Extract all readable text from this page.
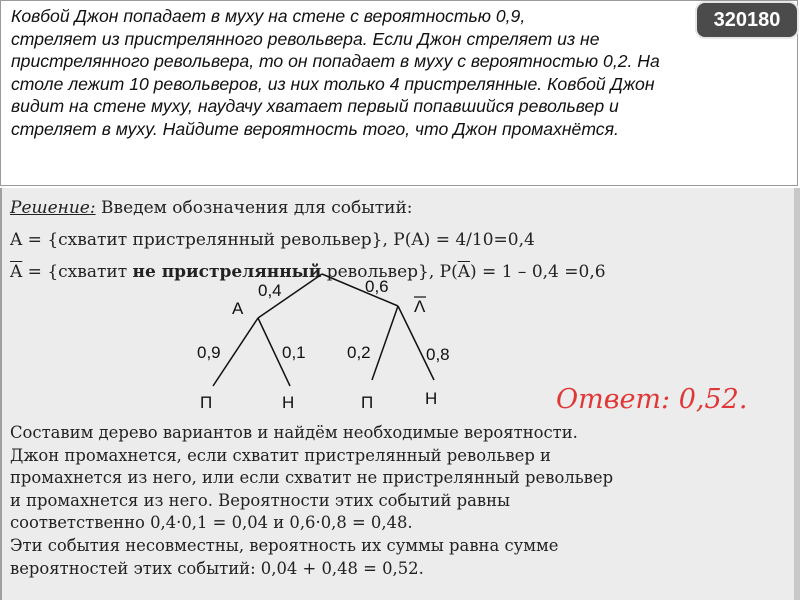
Ковбой Джон попадает в муху на стене с вероятностью 0,9,
стреляет из пристрелянного револьвера. Если Джон стреляет из не
пристрелянного револьвера, то он попадает в муху с вероятностью 0,2. На
столе лежит 10 револьверов, из них только 4 пристрелянные. Ковбой Джон
видит на стене муху, наудачу хватает первый попавшийся револьвер и
стреляет в муху. Найдите вероятность того, что Джон промахнётся.

320180

Решение: Введем обозначения для событий:

A = {схватит пристрелянный револьвер}, P(A) = 4/10=0,4

$\overline{A}$ = {схватит не пристрелянный револьвер}, $P(\overline{A}) = 1 - 0,4 =0,6$

0,4	0,6
A	Λ
0,9	0,1 0,2	0,8
П	Н	П	Н	Ответ: 0,52.

Составим дерево вариантов и найдём необходимые вероятности.
Джон промахнется, если схватит пристрелянный револьвер и
промахнется из него, или если схватит не пристрелянный револьвер
и промахнется из него. Вероятности этих событий равны
соответственно 0,4·0,1 = 0,04 и 0,6·0,8 = 0,48.
Эти события несовместны, вероятность их суммы равна сумме
вероятностей этих событий: 0,04 + 0,48 = 0,52.
